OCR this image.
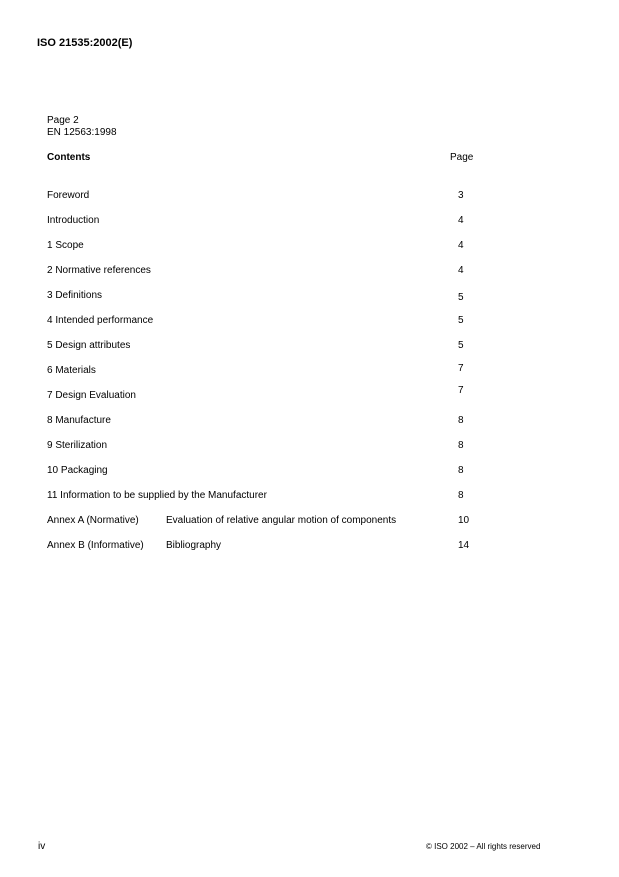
ISO 21535:2002(E)
Page 2
EN 12563:1998
Contents	Page
Foreword	3
Introduction	4
1 Scope	4
2 Normative references	4
3 Definitions	5
4 Intended performance	5
5 Design attributes	5
6 Materials	7
7 Design Evaluation	7
8 Manufacture	8
9 Sterilization	8
10 Packaging	8
11 Information to be supplied by the Manufacturer	8
Annex A (Normative)	Evaluation of relative angular motion of components	10
Annex B (Informative) Bibliography	14
iv	© ISO 2002 – All rights reserved
